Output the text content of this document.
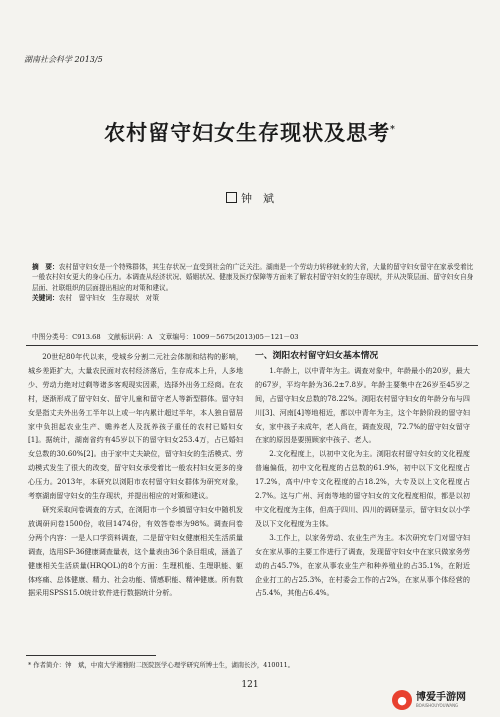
湖南社会科学 2013/5
农村留守妇女生存现状及思考*
钟　斌
摘　要：农村留守妇女是一个特殊群体，其生存状况一直受到社会的广泛关注。湖南是一个劳动力转移就业的大省，大量的留守妇女留守在家承受着比一般农村妇女更大的身心压力。本调查从经济状况、婚姻状况、健康及医疗保障等方面来了解农村留守妇女的生存现状，并从决策层面、留守妇女自身层面、社联组织的层面提出相应的对策和建议。
关键词：农村　留守妇女　生存现状　对策
中图分类号：C913.68　文献标识码：A　文章编号：1009－5675(2013)05－121－03

20世纪80年代以来，受城乡分割二元社会体制和结构的影响，城乡差距扩大，大量农民面对农村经济落后，生存成本上升，人多地少、劳动力绝对过剩等诸多客观现实因素，选择外出务工经商。在农村，逐渐形成了留守妇女、留守儿童和留守老人等新型群体。留守妇女是指丈夫外出务工半年以上或一年内累计超过半年，本人独自留居家中负担起农业生产、赡养老人及抚养孩子重任的农村已婚妇女[1]。据统计，湖南省约有45岁以下的留守妇女253.4万，占已婚妇女总数的30.60%[2]。由于家中丈夫缺位，留守妇女的生活模式、劳动模式发生了很大的改变，留守妇女承受着比一般农村妇女更多的身心压力。2013年，本研究以浏阳市农村留守妇女群体为研究对象，考察湖南留守妇女的生存现状，并提出相应的对策和建议。

研究采取问卷调查的方式，在浏阳市一个乡镇留守妇女中随机发放调研问卷1500份，收回1474份，有效答卷率为98%。调查问卷分两个内容：一是人口学资料调查，二是留守妇女健康相关生活质量调查，选用SF-36健康调查量表，这个量表由36个条目组成，涵盖了健康相关生活质量(HRQOL)的8个方面：生理机能、生理职能、躯体疼痛、总体健康、精力、社会功能、情感职能、精神健康。所有数据采用SPSS15.0统计软件进行数据统计分析。

一、浏阳农村留守妇女基本情况

1.年龄上，以中青年为主。调查对象中，年龄最小的20岁，最大的67岁，平均年龄为36.2±7.8岁。年龄主要集中在26岁至45岁之间，占留守妇女总数的78.22%。浏阳农村留守妇女的年龄分布与四川[3]、河南[4]等地相近，都以中青年为主，这个年龄阶段的留守妇女，家中孩子未成年，老人尚在，调查发现，72.7%的留守妇女留守在家的原因是要照顾家中孩子、老人。

2.文化程度上，以初中文化为主。浏阳农村留守妇女的文化程度普遍偏低，初中文化程度的占总数的61.9%，初中以下文化程度占17.2%，高中/中专文化程度的占18.2%，大专及以上文化程度占2.7%。这与广州、河南等地的留守妇女的文化程度相似，都是以初中文化程度为主体，但高于四川、四川的调研显示，留守妇女以小学及以下文化程度为主体。

3.工作上，以家务劳动、农业生产为主。本次研究专门对留守妇女在家从事的主要工作进行了调查，发现留守妇女中在家只做家务劳动的占45.7%，在家从事农业生产和种养殖业的占35.1%，在附近企业打工的占25.3%，在村委会工作的占2%，在家从事个体经营的占5.4%，其他占6.4%。

* 作者简介：钟　斌，中南大学湘雅附二医院医学心理学研究所博士生，湖南长沙，410011。
121
● 博爱手游网
BOAISHOUYOUWANG
